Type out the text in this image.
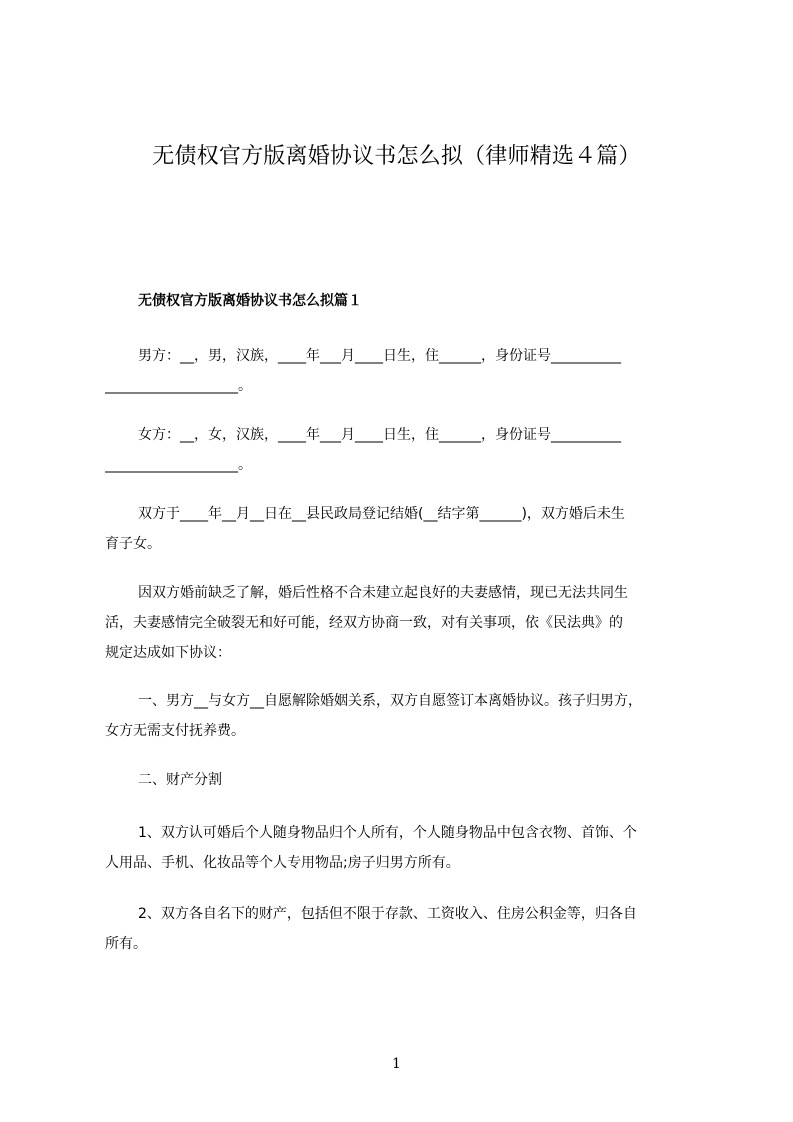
无债权官方版离婚协议书怎么拟（律师精选４篇）
无债权官方版离婚协议书怎么拟篇１

男方：__，男，汉族，____年___月____日生，住______，身份证号__________
___________________。

女方：__，女，汉族，____年___月____日生，住______，身份证号__________
___________________。

双方于____年__月__日在__县民政局登记结婚(__结字第______)，双方婚后未生
育子女。

因双方婚前缺乏了解，婚后性格不合未建立起良好的夫妻感情，现已无法共同生
活，夫妻感情完全破裂无和好可能，经双方协商一致，对有关事项，依《民法典》的
规定达成如下协议：

一、男方__与女方__自愿解除婚姻关系，双方自愿签订本离婚协议。孩子归男方，
女方无需支付抚养费。

二、财产分割

1、双方认可婚后个人随身物品归个人所有，个人随身物品中包含衣物、首饰、个
人用品、手机、化妆品等个人专用物品;房子归男方所有。

2、双方各自名下的财产，包括但不限于存款、工资收入、住房公积金等，归各自
所有。

1
